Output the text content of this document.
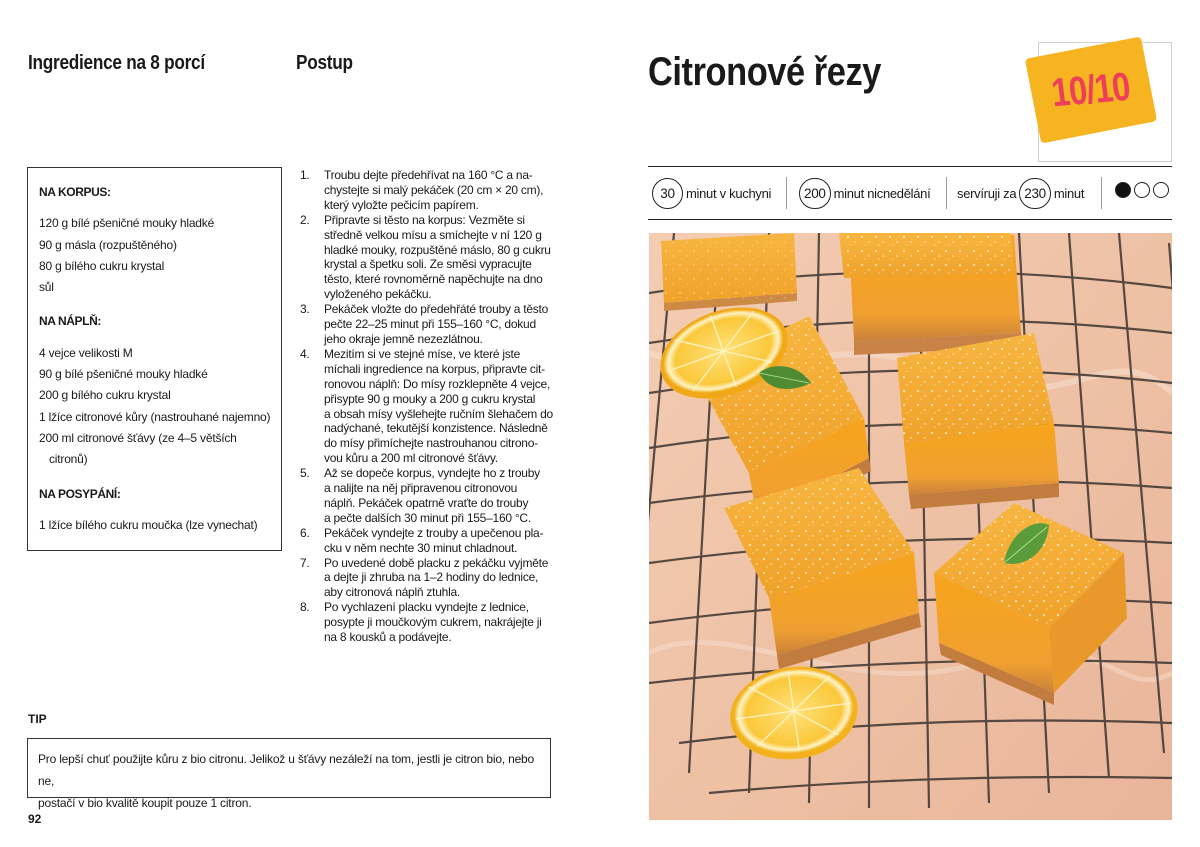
Ingredience na 8 porcí	Postup
NA KORPUS:
120 g bílé pšeničné mouky hladké
90 g másla (rozpuštěného)
80 g bílého cukru krystal
sůl
NA NÁPLŇ:
4 vejce velikosti M
90 g bílé pšeničné mouky hladké
200 g bílého cukru krystal
1 lžíce citronové kůry (nastrouhané najemno)
200 ml citronové šťávy (ze 4–5 větších
citronů)
NA POSYPÁNÍ:
1 lžíce bílého cukru moučka (lze vynechat)
1.	Troubu dejte předehřívat na 160 °C a na-
chystejte si malý pekáček (20 cm × 20 cm),
který vyložte pečicím papírem.
2.	Připravte si těsto na korpus: Vezměte si
středně velkou mísu a smíchejte v ní 120 g
hladké mouky, rozpuštěné máslo, 80 g cukru
krystal a špetku soli. Ze směsi vypracujte
těsto, které rovnoměrně napěchujte na dno
vyloženého pekáčku.
3.	Pekáček vložte do předehřáté trouby a těsto
pečte 22–25 minut při 155–160 °C, dokud
jeho okraje jemně nezezlátnou.
4.	Mezitím si ve stejné míse, ve které jste
míchali ingredience na korpus, připravte cit-
ronovou náplň: Do mísy rozklepněte 4 vejce,
přisypte 90 g mouky a 200 g cukru krystal
a obsah mísy vyšlehejte ručním šlehačem do
nadýchané, tekutější konzistence. Následně
do mísy přimíchejte nastrouhanou citrono-
vou kůru a 200 ml citronové šťávy.
5.	Až se dopeče korpus, vyndejte ho z trouby
a nalijte na něj připravenou citronovou
náplň. Pekáček opatrně vraťte do trouby
a pečte dalších 30 minut při 155–160 °C.
6.	Pekáček vyndejte z trouby a upečenou pla-
cku v něm nechte 30 minut chladnout.
7.	Po uvedené době placku z pekáčku vyjměte
a dejte ji zhruba na 1–2 hodiny do lednice,
aby citronová náplň ztuhla.
8.	Po vychlazení placku vyndejte z lednice,
posypte ji moučkovým cukrem, nakrájejte ji
na 8 kousků a podávejte.
TIP
Pro lepší chuť použijte kůru z bio citronu. Jelikož u šťávy nezáleží na tom, jestli je citron bio, nebo ne,
postačí v bio kvalitě koupit pouze 1 citron.
92
Citronové řezy	10/10
30 minut v kuchyni	200 minut nicnedělání servíruji za 230 minut
